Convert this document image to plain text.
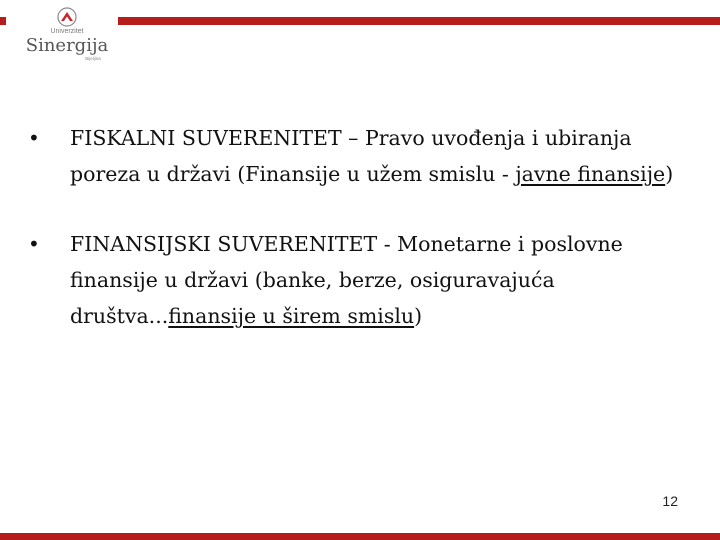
Univerzitet
Sinergija
Bijeljina
•	FISKALNI SUVERENITET – Pravo uvođenja i ubiranja poreza u državi (Finansije u užem smislu - javne finansije)
•	FINANSIJSKI SUVERENITET - Monetarne i poslovne finansije u državi (banke, berze, osiguravajuća društva...finansije u širem smislu)
12
